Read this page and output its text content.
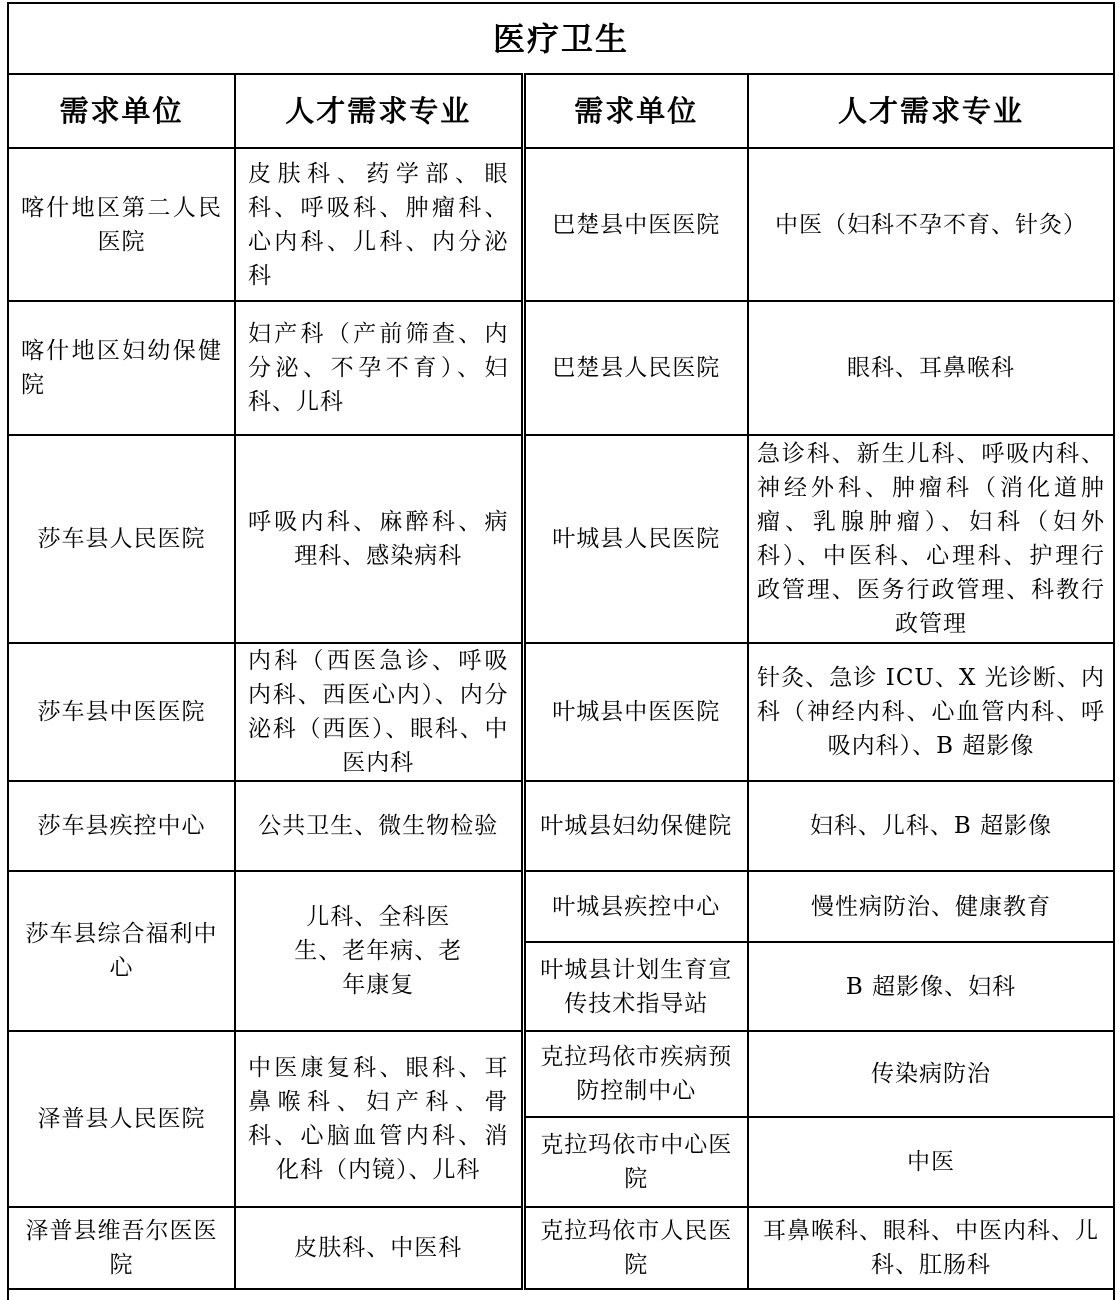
医疗卫生			
需求单位	人才需求专业	需求单位	人才需求专业
喀什地区第二人民医院	皮肤科、药学部、眼科、呼吸科、肿瘤科、心内科、儿科、内分泌科	巴楚县中医医院	中医（妇科不孕不育、针灸）
喀什地区妇幼保健院	妇产科（产前筛查、内分泌、不孕不育）、妇科、儿科	巴楚县人民医院	眼科、耳鼻喉科
莎车县人民医院	呼吸内科、麻醉科、病理科、感染病科	叶城县人民医院	急诊科、新生儿科、呼吸内科、神经外科、肿瘤科（消化道肿瘤、乳腺肿瘤）、妇科（妇外科）、中医科、心理科、护理行政管理、医务行政管理、科教行政管理
莎车县中医医院	内科（西医急诊、呼吸内科、西医心内）、内分泌科（西医）、眼科、中医内科	叶城县中医医院	针灸、急诊 ICU、X 光诊断、内科（神经内科、心血管内科、呼吸内科）、B 超影像
莎车县疾控中心	公共卫生、微生物检验	叶城县妇幼保健院	妇科、儿科、B 超影像
莎车县综合福利中心	儿科、全科医生、老年病、老年康复	叶城县疾控中心	慢性病防治、健康教育
		叶城县计划生育宣传技术指导站	B 超影像、妇科
泽普县人民医院	中医康复科、眼科、耳鼻喉科、妇产科、骨科、心脑血管内科、消化科（内镜）、儿科	克拉玛依市疾病预防控制中心	传染病防治
		克拉玛依市中心医院	中医
泽普县维吾尔医医院	皮肤科、中医科	克拉玛依市人民医院	耳鼻喉科、眼科、中医内科、儿科、肛肠科
